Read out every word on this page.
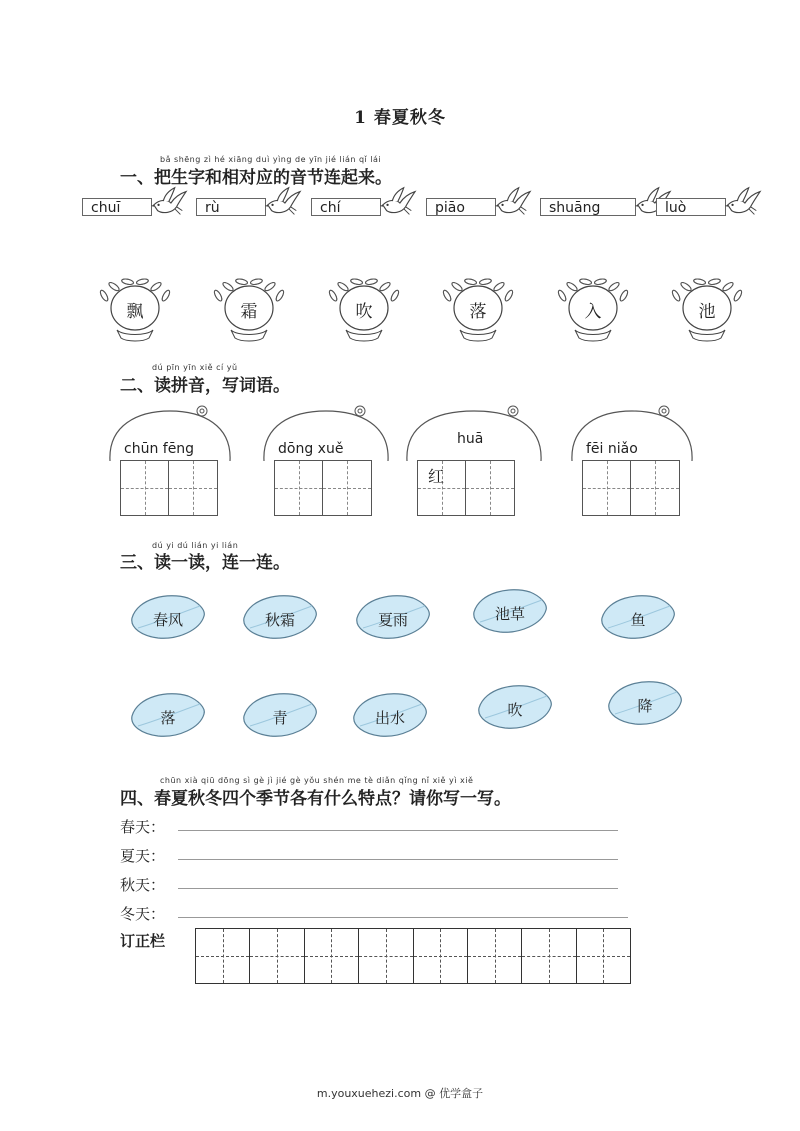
1 春夏秋冬
bǎ shēng zì hé xiāng duì yìng de yīn jié lián qǐ lái
一、把生字和相对应的音节连起来。
dú pīn yīn xiě cí yǔ
二、读拼音，写词语。
dú yi dú lián yi lián
三、读一读，连一连。
chūn xià qiū dōng sì gè jì jié gè yǒu shén me tè diǎn qǐng nǐ xiě yì xiě
四、春夏秋冬四个季节各有什么特点？请你写一写。
订正栏
m.youxuehezi.com @ 优学盒子
chuī	rù	chí	piāo	shuāng	luò
飘	霜	吹	落	入	池
chūn fēng	dōng xuě
huā
红
fēi niǎo
春风	秋霜	夏雨	池草	鱼
落	青	出水	吹	降
春天：
夏天：
秋天：
冬天：
